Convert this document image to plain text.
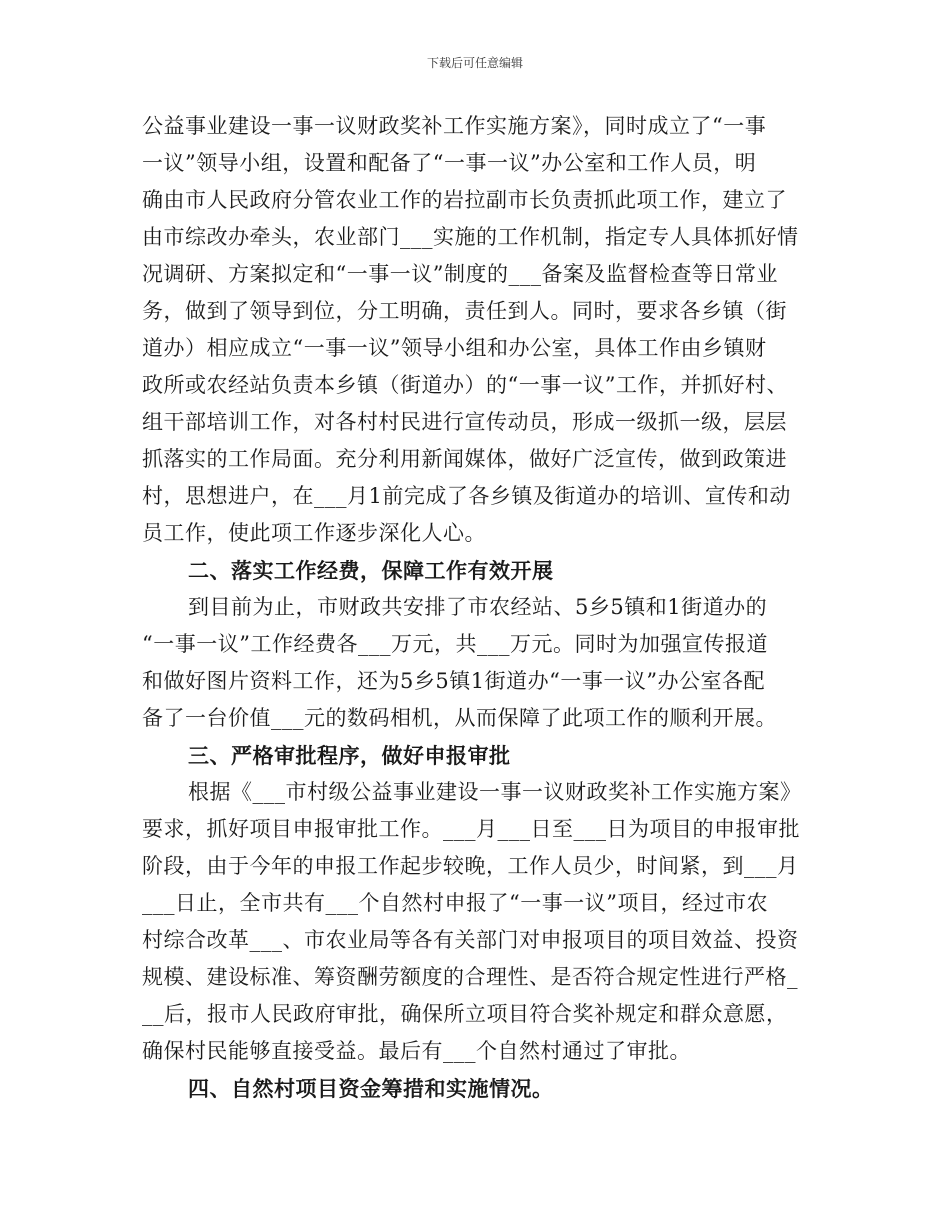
下载后可任意编辑
公益事业建设一事一议财政奖补工作实施方案》，同时成立了“一事
一议”领导小组，设置和配备了“一事一议”办公室和工作人员，明
确由市人民政府分管农业工作的岩拉副市长负责抓此项工作，建立了
由市综改办牵头，农业部门___实施的工作机制，指定专人具体抓好情
况调研、方案拟定和“一事一议”制度的___备案及监督检查等日常业
务，做到了领导到位，分工明确，责任到人。同时，要求各乡镇（街
道办）相应成立“一事一议”领导小组和办公室，具体工作由乡镇财
政所或农经站负责本乡镇（街道办）的“一事一议”工作，并抓好村、
组干部培训工作，对各村村民进行宣传动员，形成一级抓一级，层层
抓落实的工作局面。充分利用新闻媒体，做好广泛宣传，做到政策进
村，思想进户，在___月1前完成了各乡镇及街道办的培训、宣传和动
员工作，使此项工作逐步深化人心。
二、落实工作经费，保障工作有效开展
到目前为止，市财政共安排了市农经站、5乡5镇和1街道办的
“一事一议”工作经费各___万元，共___万元。同时为加强宣传报道
和做好图片资料工作，还为5乡5镇1街道办“一事一议”办公室各配
备了一台价值___元的数码相机，从而保障了此项工作的顺利开展。
三、严格审批程序，做好申报审批
根据《___市村级公益事业建设一事一议财政奖补工作实施方案》
要求，抓好项目申报审批工作。___月___日至___日为项目的申报审批
阶段，由于今年的申报工作起步较晚，工作人员少，时间紧，到___月
___日止，全市共有___个自然村申报了“一事一议”项目，经过市农
村综合改革___、市农业局等各有关部门对申报项目的项目效益、投资
规模、建设标准、筹资酬劳额度的合理性、是否符合规定性进行严格_
__后，报市人民政府审批，确保所立项目符合奖补规定和群众意愿，
确保村民能够直接受益。最后有___个自然村通过了审批。
四、自然村项目资金筹措和实施情况。
